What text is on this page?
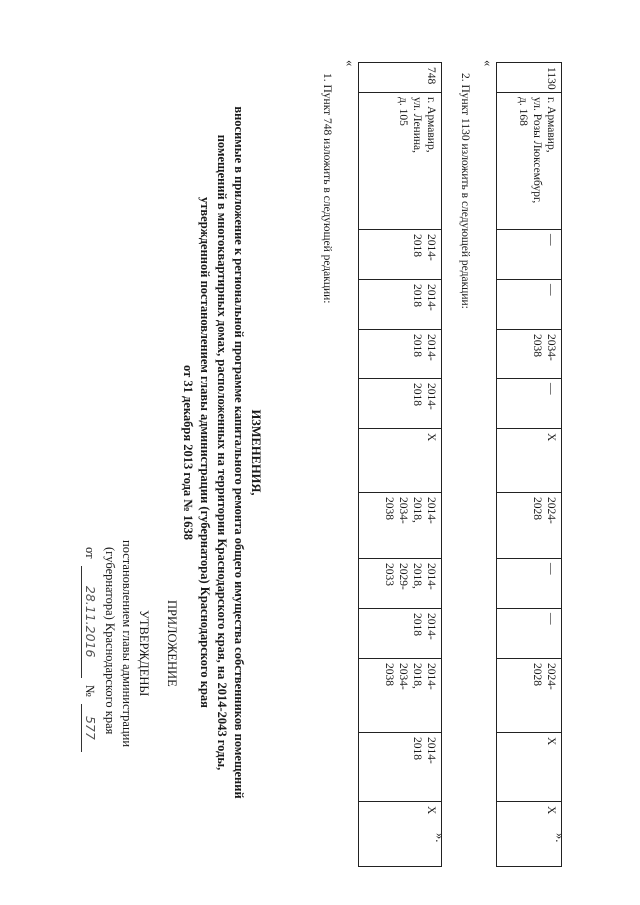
ПРИЛОЖЕНИЕ
УТВЕРЖДЕНЫ
постановлением главы администрации
(губернатора) Краснодарского края
от 28.11.2016 № 577
ИЗМЕНЕНИЯ,
вносимые в приложение к региональной программе капитального ремонта общего имущества собственников помещений
помещений в многоквартирных домах, расположенных на территории Краснодарского края, на 2014-2043 годы,
утвержденной постановлением главы администрации (губернатора) Краснодарского края
от 31 декабря 2013 года № 1638
1. Пункт 748 изложить в следующей редакции:
«
748	г. Армавир,
ул. Ленина,
д. 105	2014-
2018	2014-
2018	2014-
2018	2014-
2018	X	2014-
2018,
2034-
2038	2014-
2018,
2029-
2033	2014-
2018	2014-
2018,
2034-
2038	2014-
2018	X
».
2. Пункт 1130 изложить в следующей редакции:
«
1130	г. Армавир,
ул. Розы Люксембург,
д. 168	—	—	2034-
2038	—	X	2024-
2028	—	—	2024-
2028	X	X
».
